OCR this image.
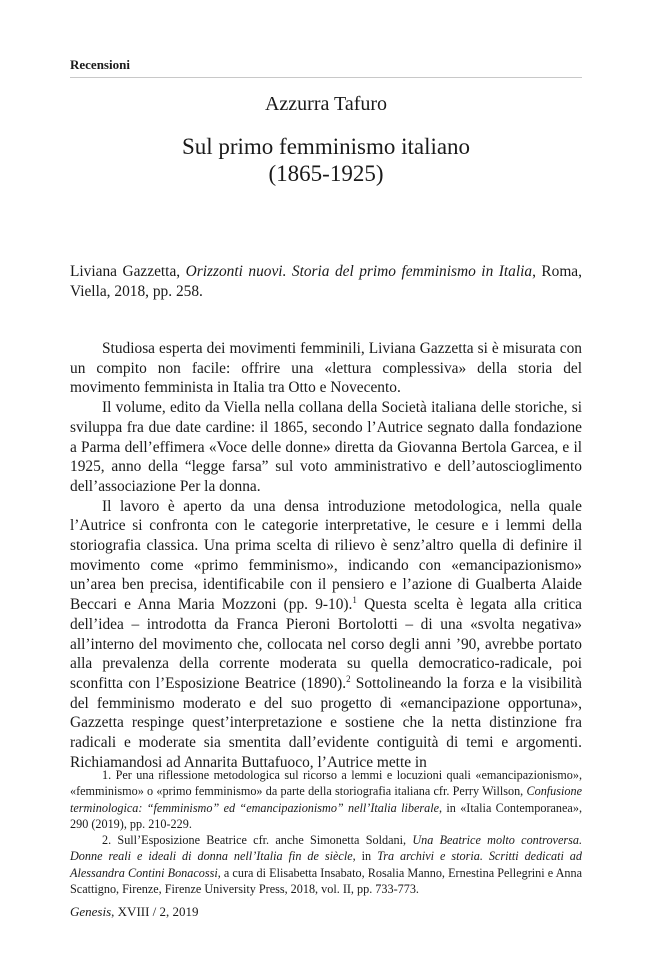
Recensioni
Azzurra Tafuro
Sul primo femminismo italiano
(1865-1925)
Liviana Gazzetta, Orizzonti nuovi. Storia del primo femminismo in Italia, Roma, Viella, 2018, pp. 258.

Studiosa esperta dei movimenti femminili, Liviana Gazzetta si è misurata con un compito non facile: offrire una «lettura complessiva» della storia del movimento femminista in Italia tra Otto e Novecento.

Il volume, edito da Viella nella collana della Società italiana delle storiche, si sviluppa fra due date cardine: il 1865, secondo l’Autrice segnato dalla fondazione a Parma dell’effimera «Voce delle donne» diretta da Giovanna Bertola Garcea, e il 1925, anno della “legge farsa” sul voto amministrativo e dell’autoscioglimento dell’associazione Per la donna.

Il lavoro è aperto da una densa introduzione metodologica, nella quale l’Autrice si confronta con le categorie interpretative, le cesure e i lemmi della storiografia classica. Una prima scelta di rilievo è senz’altro quella di definire il movimento come «primo femminismo», indicando con «emancipazionismo» un’area ben precisa, identificabile con il pensiero e l’azione di Gualberta Alaide Beccari e Anna Maria Mozzoni (pp. 9-10).$^1$ Questa scelta è legata alla critica dell’idea – introdotta da Franca Pieroni Bortolotti – di una «svolta negativa» all’interno del movimento che, collocata nel corso degli anni ’90, avrebbe portato alla prevalenza della corrente moderata su quella democratico-radicale, poi sconfitta con l’Esposizione Beatrice (1890).$^2$ Sottolineando la forza e la visibilità del femminismo moderato e del suo progetto di «emancipazione opportuna», Gazzetta respinge quest’interpretazione e sostiene che la netta distinzione fra radicali e moderate sia smentita dall’evidente contiguità di temi e argomenti. Richiamandosi ad Annarita Buttafuoco, l’Autrice mette in

1. Per una riflessione metodologica sul ricorso a lemmi e locuzioni quali «emancipazionismo», «femminismo» o «primo femminismo» da parte della storiografia italiana cfr. Perry Willson, Confusione terminologica: “femminismo” ed “emancipazionismo” nell’Italia liberale, in «Italia Contemporanea», 290 (2019), pp. 210-229.

2. Sull’Esposizione Beatrice cfr. anche Simonetta Soldani, Una Beatrice molto controversa. Donne reali e ideali di donna nell’Italia fin de siècle, in Tra archivi e storia. Scritti dedicati ad Alessandra Contini Bonacossi, a cura di Elisabetta Insabato, Rosalia Manno, Ernestina Pellegrini e Anna Scattigno, Firenze, Firenze University Press, 2018, vol. II, pp. 733-773.

Genesis, XVIII / 2, 2019
